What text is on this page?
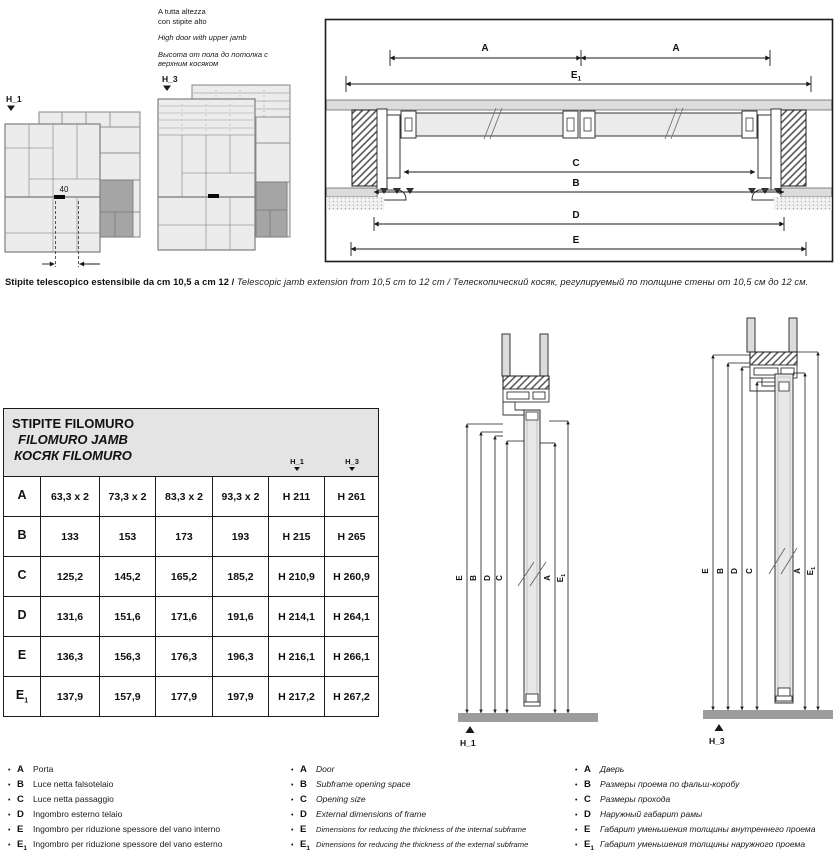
A tutta altezza
con stipite alto
High door with upper jamb
Высота от пола до потолка с
верхним косяком
H_1
40
H_3
A	A
$E_1$
C
B
D
E
Stipite telescopico estensibile da cm 10,5 a cm 12 / Telescopic jamb extension from 10,5 cm to 12 cm / Телескопический косяк, регулируемый по толщине стены от 10,5 см до 12 см.
STIPITE FILOMURO
FILOMURO JAMB
КОСЯК FILOMURO H_1 H_3						

A	63,3 x 2	73,3 x 2	83,3 x 2	93,3 x 2	H 211	H 261
B	133	153	173	193	H 215	H 265
C	125,2	145,2	165,2	185,2	H 210,9	H 260,9
D	131,6	151,6	171,6	191,6	H 214,1	H 264,1
E	136,3	156,3	176,3	196,3	H 216,1	H 266,1
$E_1$	137,9	157,9	177,9	197,9	H 217,2	H 267,2
E B D C	A $E_1$
H_1
E B D C	A $E_1$
H_3
• A	Porta
• B	Luce netta falsotelaio
• C	Luce netta passaggio
• D	Ingombro esterno telaio
• E	Ingombro per riduzione spessore del vano interno
• $E_1$ Ingombro per riduzione spessore del vano esterno
• A	Door
• B	Subframe opening space
• C	Opening size
• D	External dimensions of frame
• E	Dimensions for reducing the thickness of the internal subframe
• $E_1$ Dimensions for reducing the thickness of the external subframe
• A	Дверь
• B	Размеры проема по фальш-коробу
• C	Размеры прохода
• D	Наружный габарит рамы
• E	Габарит уменьшения толщины внутреннего проема
• $E_1$ Габарит уменьшения толщины наружного проема
